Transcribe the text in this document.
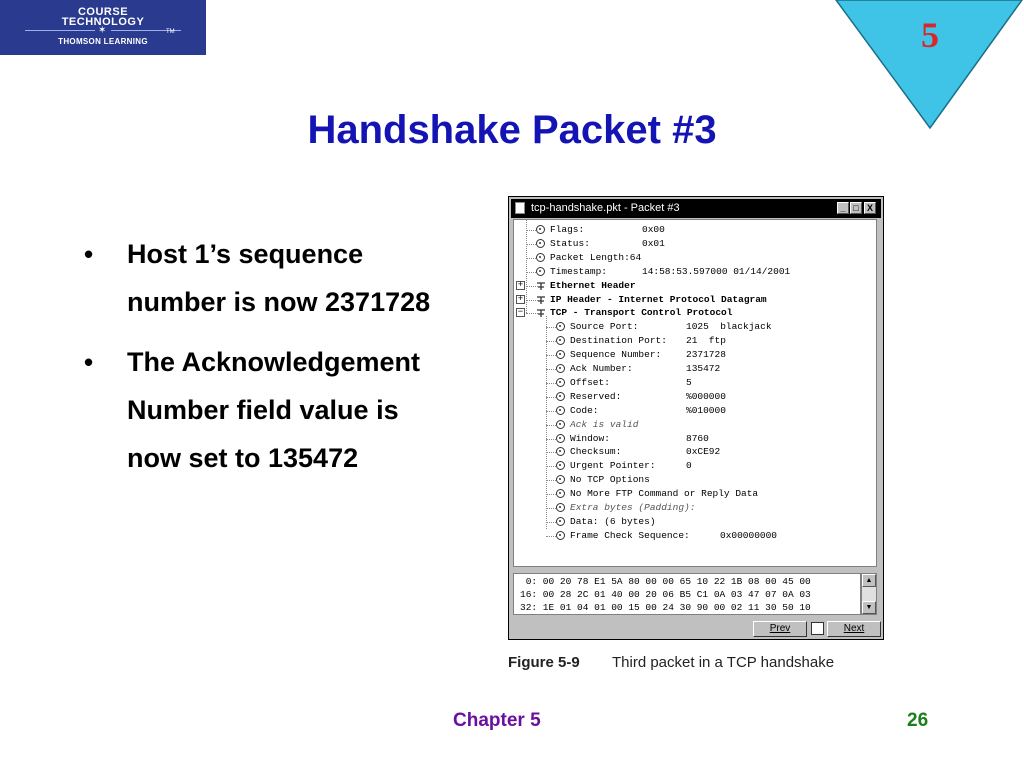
COURSE
TECHNOLOGY
✶
THOMSON LEARNING
TM	5
Handshake Packet #3
• Host 1’s sequence number is now 2371728
• The Acknowledgement Number field value is now set to 135472
tcp-handshake.pkt - Packet #3	_ □ X
Flags:	0x00
Status:	0x01
Packet Length: 64
Timestamp:	14:58:53.597000 01/14/2001
+	Ethernet Header
+	IP Header - Internet Protocol Datagram
−	TCP - Transport Control Protocol
Source Port:	1025  blackjack
Destination Port: 21  ftp
Sequence Number:	2371728
Ack Number:	135472
Offset:	5
Reserved:	%000000
Code:	%010000
Ack is valid
Window:	8760
Checksum:	0xCE92
Urgent Pointer:	0
No TCP Options
No More FTP Command or Reply Data
Extra bytes (Padding):
Data: (6 bytes)
Frame Check Sequence:	0x00000000
0: 00 20 78 E1 5A 80 00 00 65 10 22 1B 08 00 45 00
16: 00 28 2C 01 40 00 20 06 B5 C1 0A 03 47 07 0A 03
32: 1E 01 04 01 00 15 00 24 30 90 00 02 11 30 50 10
▲
▼
Prev	Next
Figure 5-9 Third packet in a TCP handshake
Chapter 5	26
